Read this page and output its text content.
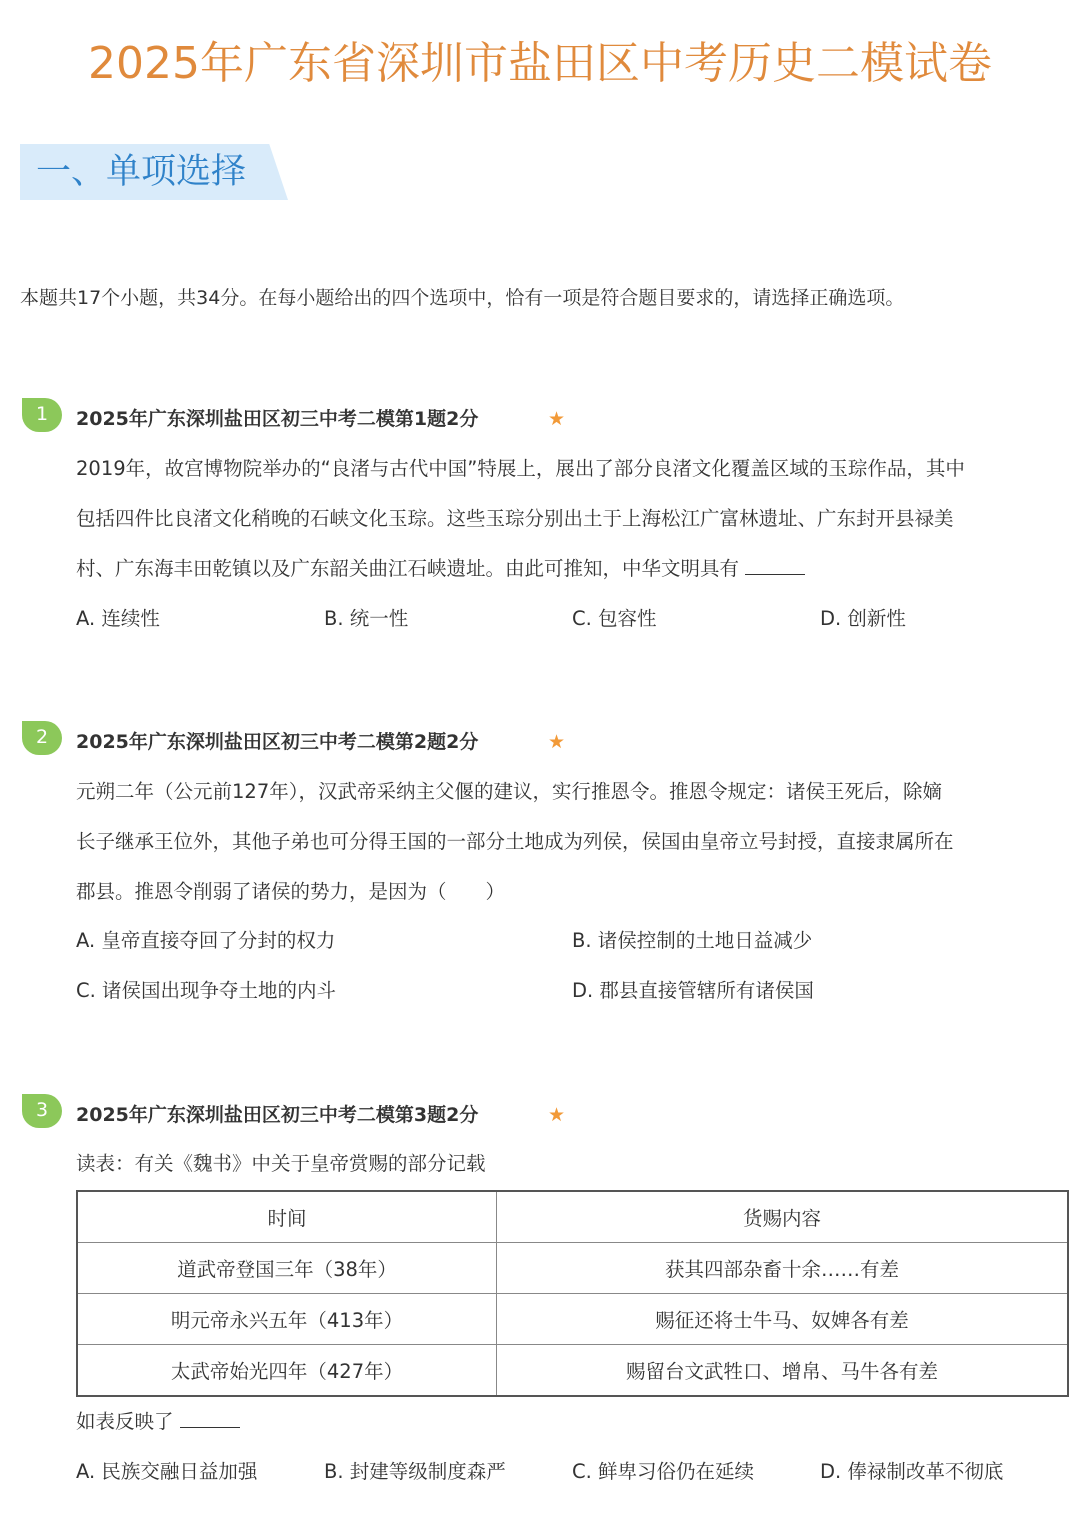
2025年广东省深圳市盐田区中考历史二模试卷
一、单项选择
本题共17个小题，共34分。在每小题给出的四个选项中，恰有一项是符合题目要求的，请选择正确选项。
1	2025年广东深圳盐田区初三中考二模第1题2分	★
2019年，故宫博物院举办的“良渚与古代中国”特展上，展出了部分良渚文化覆盖区域的玉琮作品，其中
包括四件比良渚文化稍晚的石峡文化玉琮。这些玉琮分别出土于上海松江广富林遗址、广东封开县禄美
村、广东海丰田乾镇以及广东韶关曲江石峡遗址。由此可推知，中华文明具有
A. 连续性	B. 统一性	C. 包容性	D. 创新性
2	2025年广东深圳盐田区初三中考二模第2题2分	★
元朔二年（公元前127年），汉武帝采纳主父偃的建议，实行推恩令。推恩令规定：诸侯王死后，除嫡
长子继承王位外，其他子弟也可分得王国的一部分土地成为列侯，侯国由皇帝立号封授，直接隶属所在
郡县。推恩令削弱了诸侯的势力，是因为（　　）
A. 皇帝直接夺回了分封的权力	B. 诸侯控制的土地日益减少
C. 诸侯国出现争夺土地的内斗	D. 郡县直接管辖所有诸侯国
3	2025年广东深圳盐田区初三中考二模第3题2分	★
读表：有关《魏书》中关于皇帝赏赐的部分记载
时间	货赐内容
道武帝登国三年（38年）	获其四部杂畜十余……有差
明元帝永兴五年（413年）	赐征还将士牛马、奴婢各有差
太武帝始光四年（427年）	赐留台文武牲口、增帛、马牛各有差
如表反映了
A. 民族交融日益加强	B. 封建等级制度森严	C. 鲜卑习俗仍在延续	D. 俸禄制改革不彻底
